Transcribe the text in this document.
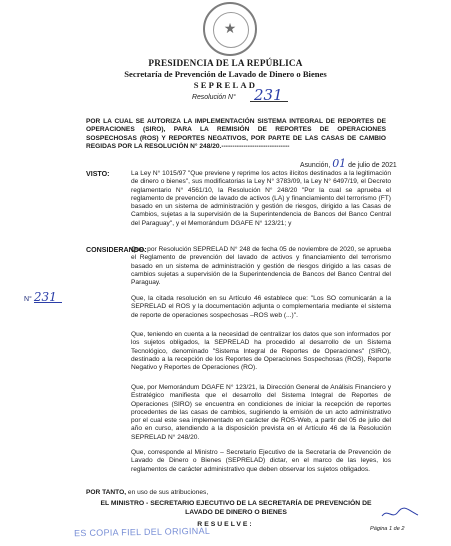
★
PRESIDENCIA DE LA REPÚBLICA
Secretaría de Prevención de Lavado de Dinero o Bienes
SEPRELAD
Resolución N° 231
POR LA CUAL SE AUTORIZA LA IMPLEMENTACIÓN SISTEMA INTEGRAL DE REPORTES DE OPERACIONES (SIRO), PARA LA REMISIÓN DE REPORTES DE OPERACIONES SOSPECHOSAS (ROS) Y REPORTES NEGATIVOS, POR PARTE DE LAS CASAS DE CAMBIO REGIDAS POR LA RESOLUCIÓN N° 248/20.-------------------------------
Asunción, 01 de julio de 2021
VISTO:	La Ley N° 1015/97 "Que previene y reprime los actos ilícitos destinados a la legitimación de dinero o bienes", sus modificatorias la Ley N° 3783/09, la Ley N° 6497/19, el Decreto reglamentario N° 4561/10, la Resolución N° 248/20 "Por la cual se aprueba el reglamento de prevención de lavado de activos (LA) y financiamiento del terrorismo (FT) basado en un sistema de administración y gestión de riesgos, dirigido a las Casas de Cambios, sujetas a la supervisión de la Superintendencia de Bancos del Banco Central del Paraguay", y el Memorándum DGAFE N° 123/21; y
CONSIDERANDO:
Que, por Resolución SEPRELAD N° 248 de fecha 05 de noviembre de 2020, se aprueba el Reglamento de prevención del lavado de activos y financiamiento del terrorismo basado en un sistema de administración y gestión de riesgos dirigido a las casas de cambios sujetas a supervisión de la Superintendencia de Bancos del Banco Central del Paraguay.
Que, la citada resolución en su Artículo 46 establece que: "Los SO comunicarán a la SEPRELAD el ROS y la documentación adjunta o complementaria mediante el sistema de reporte de operaciones sospechosas –ROS web (...)".
Que, teniendo en cuenta a la necesidad de centralizar los datos que son informados por los sujetos obligados, la SEPRELAD ha procedido al desarrollo de un Sistema Tecnológico, denominado "Sistema Integral de Reportes de Operaciones" (SIRO), destinado a la recepción de los Reportes de Operaciones Sospechosas (ROS), Reporte Negativo y Reportes de Operaciones (RO).
Que, por Memorándum DGAFE N° 123/21, la Dirección General de Análisis Financiero y Estratégico manifiesta que el desarrollo del Sistema Integral de Reportes de Operaciones (SIRO) se encuentra en condiciones de iniciar la recepción de reportes procedentes de las casas de cambios, sugiriendo la emisión de un acto administrativo por el cual este sea implementado en carácter de ROS-Web, a partir del 05 de julio del año en curso, atendiendo a la disposición prevista en el Artículo 46 de la Resolución SEPRELAD N° 248/20.
Que, corresponde al Ministro – Secretario Ejecutivo de la Secretaría de Prevención de Lavado de Dinero o Bienes (SEPRELAD) dictar, en el marco de las leyes, los reglamentos de carácter administrativo que deben observar los sujetos obligados.
N° 231
POR TANTO, en uso de sus atribuciones,
EL MINISTRO - SECRETARIO EJECUTIVO DE LA SECRETARÍA DE PREVENCIÓN DE LAVADO DE DINERO O BIENES
RESUELVE:
ES COPIA FIEL DEL ORIGINAL	Página 1 de 2
